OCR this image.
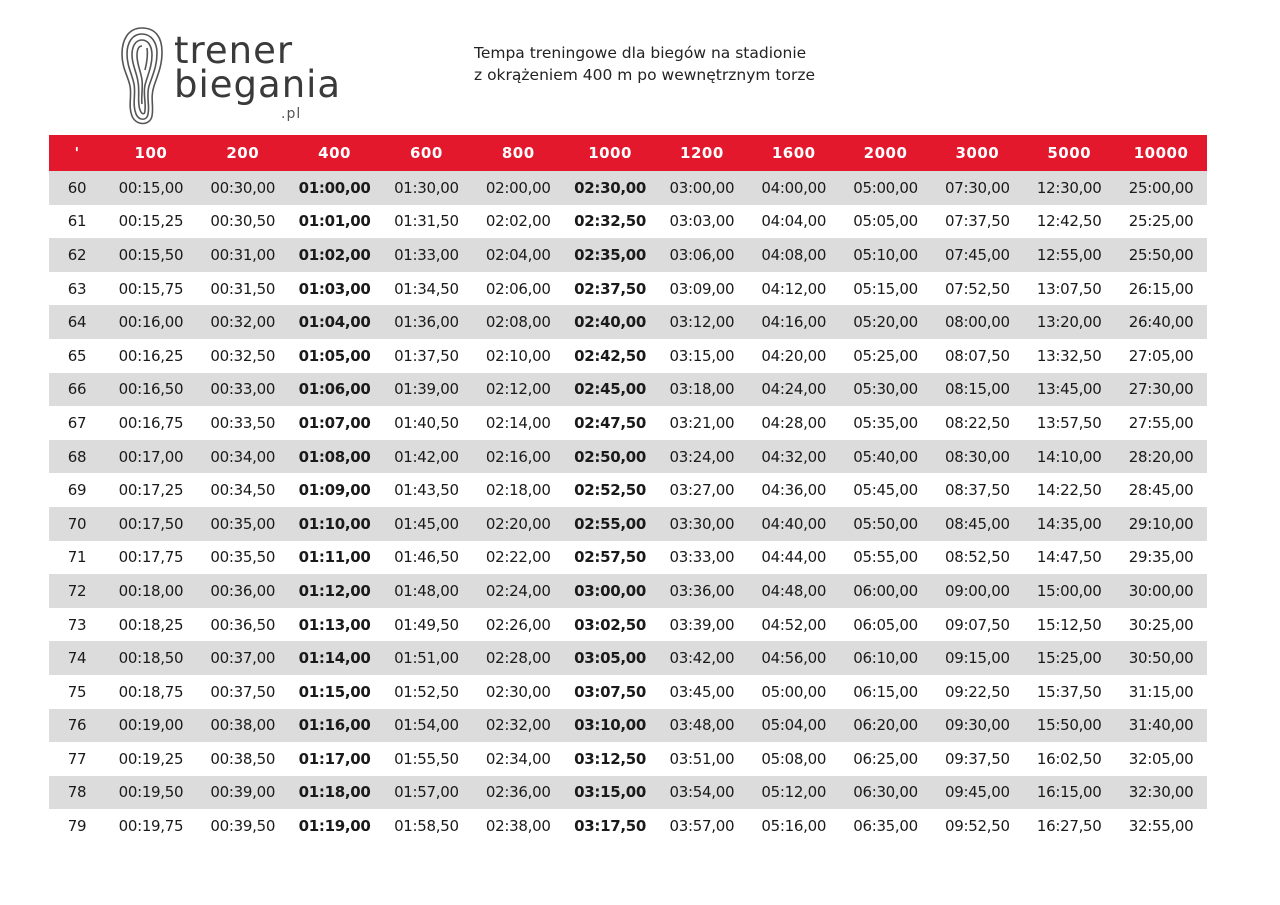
trener
biegania
.pl
Tempa treningowe dla biegów na stadionie
z okrążeniem 400 m po wewnętrznym torze
'	100	200	400	600	800	1000	1200	1600	2000	3000	5000	10000
60	00:15,00	00:30,00	01:00,00	01:30,00	02:00,00	02:30,00	03:00,00	04:00,00	05:00,00	07:30,00	12:30,00	25:00,00
61	00:15,25	00:30,50	01:01,00	01:31,50	02:02,00	02:32,50	03:03,00	04:04,00	05:05,00	07:37,50	12:42,50	25:25,00
62	00:15,50	00:31,00	01:02,00	01:33,00	02:04,00	02:35,00	03:06,00	04:08,00	05:10,00	07:45,00	12:55,00	25:50,00
63	00:15,75	00:31,50	01:03,00	01:34,50	02:06,00	02:37,50	03:09,00	04:12,00	05:15,00	07:52,50	13:07,50	26:15,00
64	00:16,00	00:32,00	01:04,00	01:36,00	02:08,00	02:40,00	03:12,00	04:16,00	05:20,00	08:00,00	13:20,00	26:40,00
65	00:16,25	00:32,50	01:05,00	01:37,50	02:10,00	02:42,50	03:15,00	04:20,00	05:25,00	08:07,50	13:32,50	27:05,00
66	00:16,50	00:33,00	01:06,00	01:39,00	02:12,00	02:45,00	03:18,00	04:24,00	05:30,00	08:15,00	13:45,00	27:30,00
67	00:16,75	00:33,50	01:07,00	01:40,50	02:14,00	02:47,50	03:21,00	04:28,00	05:35,00	08:22,50	13:57,50	27:55,00
68	00:17,00	00:34,00	01:08,00	01:42,00	02:16,00	02:50,00	03:24,00	04:32,00	05:40,00	08:30,00	14:10,00	28:20,00
69	00:17,25	00:34,50	01:09,00	01:43,50	02:18,00	02:52,50	03:27,00	04:36,00	05:45,00	08:37,50	14:22,50	28:45,00
70	00:17,50	00:35,00	01:10,00	01:45,00	02:20,00	02:55,00	03:30,00	04:40,00	05:50,00	08:45,00	14:35,00	29:10,00
71	00:17,75	00:35,50	01:11,00	01:46,50	02:22,00	02:57,50	03:33,00	04:44,00	05:55,00	08:52,50	14:47,50	29:35,00
72	00:18,00	00:36,00	01:12,00	01:48,00	02:24,00	03:00,00	03:36,00	04:48,00	06:00,00	09:00,00	15:00,00	30:00,00
73	00:18,25	00:36,50	01:13,00	01:49,50	02:26,00	03:02,50	03:39,00	04:52,00	06:05,00	09:07,50	15:12,50	30:25,00
74	00:18,50	00:37,00	01:14,00	01:51,00	02:28,00	03:05,00	03:42,00	04:56,00	06:10,00	09:15,00	15:25,00	30:50,00
75	00:18,75	00:37,50	01:15,00	01:52,50	02:30,00	03:07,50	03:45,00	05:00,00	06:15,00	09:22,50	15:37,50	31:15,00
76	00:19,00	00:38,00	01:16,00	01:54,00	02:32,00	03:10,00	03:48,00	05:04,00	06:20,00	09:30,00	15:50,00	31:40,00
77	00:19,25	00:38,50	01:17,00	01:55,50	02:34,00	03:12,50	03:51,00	05:08,00	06:25,00	09:37,50	16:02,50	32:05,00
78	00:19,50	00:39,00	01:18,00	01:57,00	02:36,00	03:15,00	03:54,00	05:12,00	06:30,00	09:45,00	16:15,00	32:30,00
79	00:19,75	00:39,50	01:19,00	01:58,50	02:38,00	03:17,50	03:57,00	05:16,00	06:35,00	09:52,50	16:27,50	32:55,00
